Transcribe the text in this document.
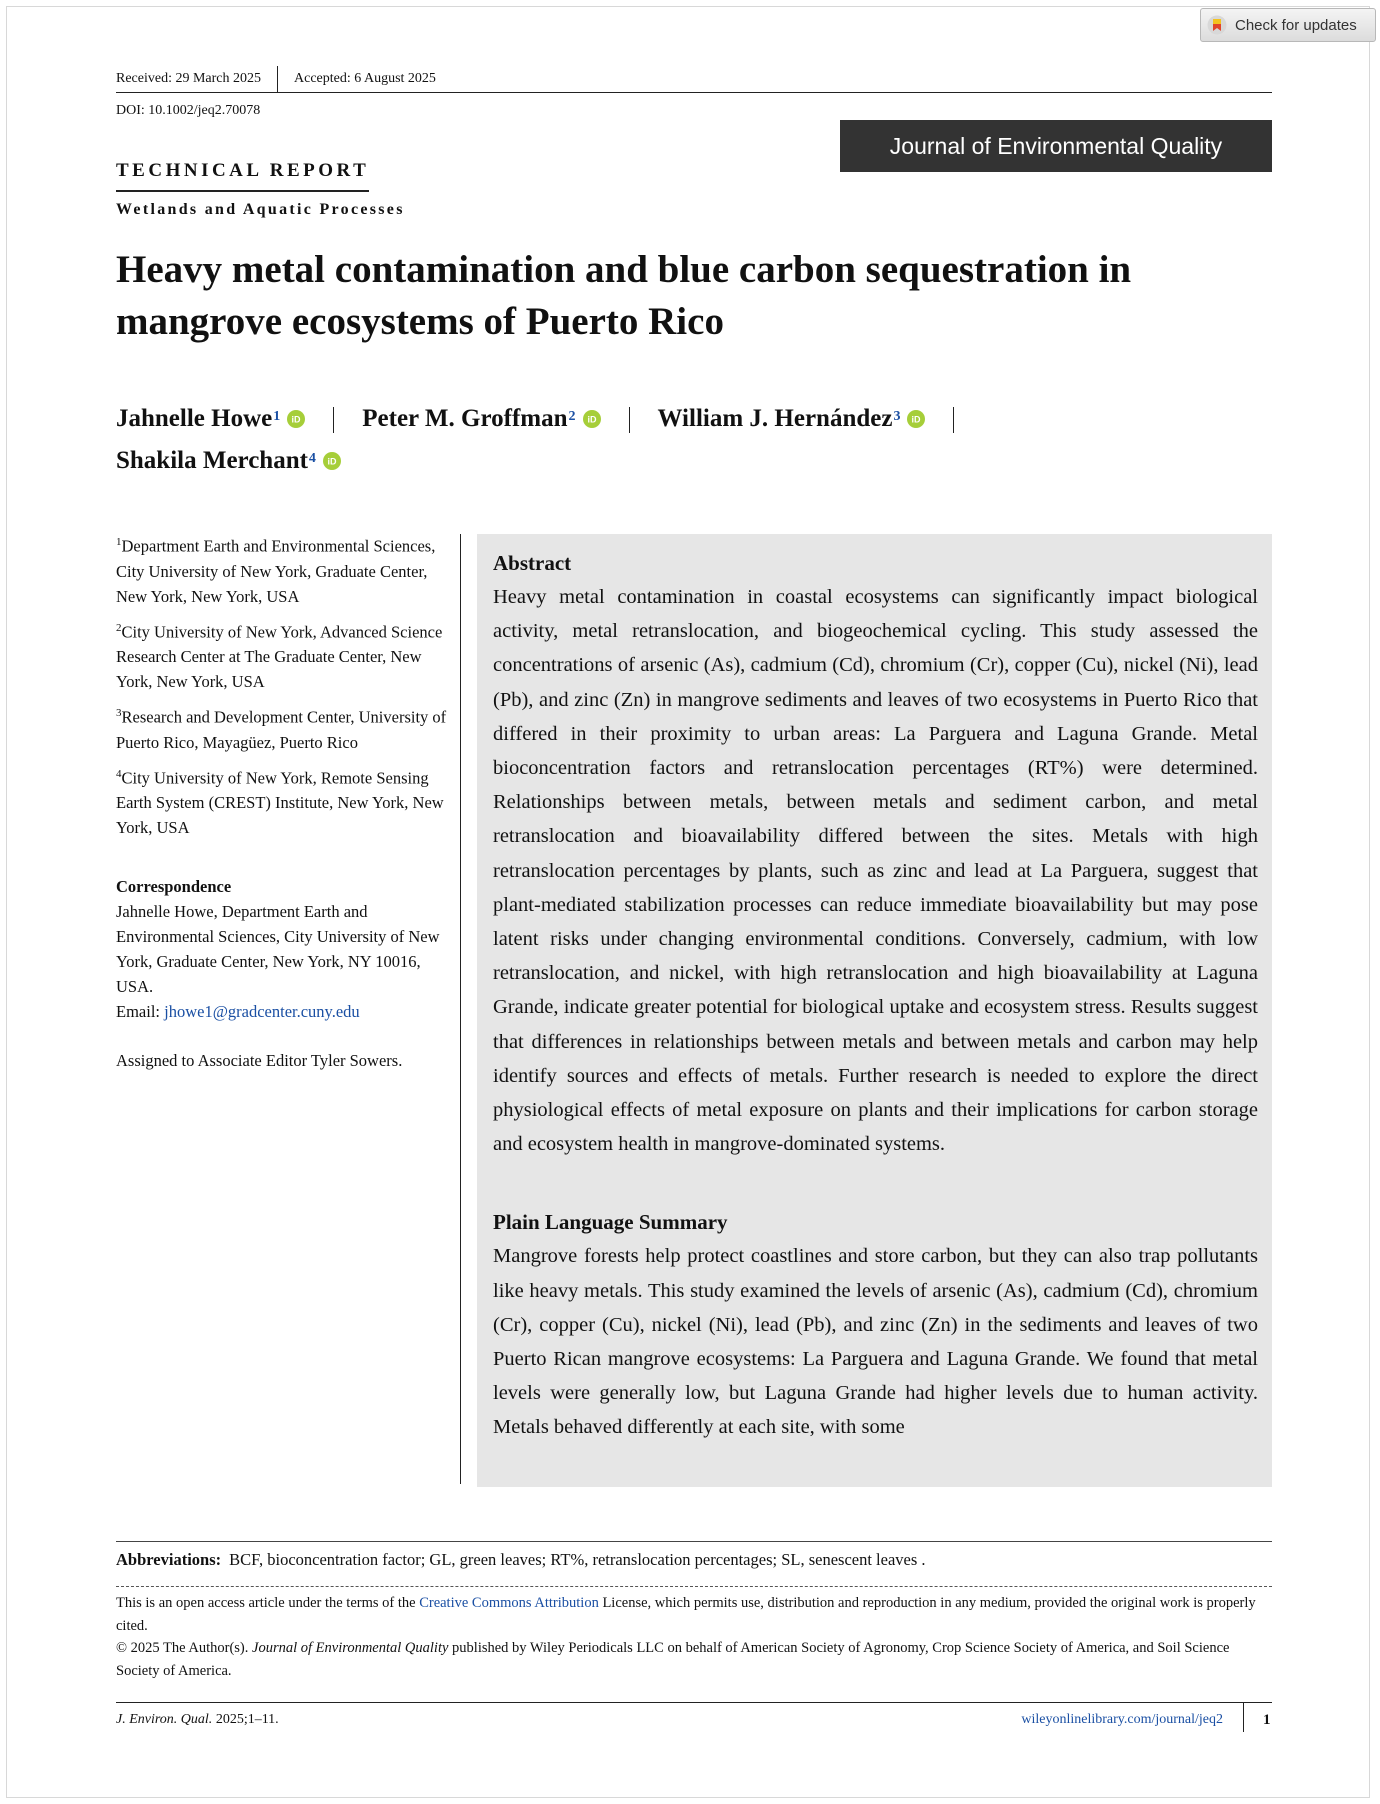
Check for updates
Received: 29 March 2025 Accepted: 6 August 2025
DOI: 10.1002/jeq2.70078
Journal of Environmental Quality
TECHNICAL REPORT
Wetlands and Aquatic Processes
Heavy metal contamination and blue carbon sequestration in mangrove ecosystems of Puerto Rico
Jahnelle Howe$^1$ iD Peter M. Groffman$^2$ iD William J. Hernández$^3$ iD

Shakila Merchant$^4$ iD

$^1$Department Earth and Environmental Sciences, City University of New York, Graduate Center, New York, New York, USA

$^2$City University of New York, Advanced Science Research Center at The Graduate Center, New York, New York, USA

$^3$Research and Development Center, University of Puerto Rico, Mayagüez, Puerto Rico

$^4$City University of New York, Remote Sensing Earth System (CREST) Institute, New York, New York, USA

Correspondence
Jahnelle Howe, Department Earth and Environmental Sciences, City University of New York, Graduate Center, New York, NY 10016, USA.
Email: jhowe1@gradcenter.cuny.edu
Assigned to Associate Editor Tyler Sowers.
Abstract

Heavy metal contamination in coastal ecosystems can significantly impact biological activity, metal retranslocation, and biogeochemical cycling. This study assessed the concentrations of arsenic (As), cadmium (Cd), chromium (Cr), copper (Cu), nickel (Ni), lead (Pb), and zinc (Zn) in mangrove sediments and leaves of two ecosystems in Puerto Rico that differed in their proximity to urban areas: La Parguera and Laguna Grande. Metal bioconcentration factors and retranslocation percentages (RT%) were determined. Relationships between metals, between metals and sediment carbon, and metal retranslocation and bioavailability differed between the sites. Metals with high retranslocation percentages by plants, such as zinc and lead at La Parguera, suggest that plant-mediated stabilization processes can reduce immediate bioavailability but may pose latent risks under changing environmental conditions. Conversely, cadmium, with low retranslocation, and nickel, with high retranslocation and high bioavailability at Laguna Grande, indicate greater potential for biological uptake and ecosystem stress. Results suggest that differences in relationships between metals and between metals and carbon may help identify sources and effects of metals. Further research is needed to explore the direct physiological effects of metal exposure on plants and their implications for carbon storage and ecosystem health in mangrove-dominated systems.

Plain Language Summary

Mangrove forests help protect coastlines and store carbon, but they can also trap pollutants like heavy metals. This study examined the levels of arsenic (As), cadmium (Cd), chromium (Cr), copper (Cu), nickel (Ni), lead (Pb), and zinc (Zn) in the sediments and leaves of two Puerto Rican mangrove ecosystems: La Parguera and Laguna Grande. We found that metal levels were generally low, but Laguna Grande had higher levels due to human activity. Metals behaved differently at each site, with some

Abbreviations: BCF, bioconcentration factor; GL, green leaves; RT%, retranslocation percentages; SL, senescent leaves .

This is an open access article under the terms of the Creative Commons Attribution License, which permits use, distribution and reproduction in any medium, provided the original work is properly cited.

© 2025 The Author(s). Journal of Environmental Quality published by Wiley Periodicals LLC on behalf of American Society of Agronomy, Crop Science Society of America, and Soil Science Society of America.

J. Environ. Qual. 2025;1–11.	wileyonlinelibrary.com/journal/jeq2	1
